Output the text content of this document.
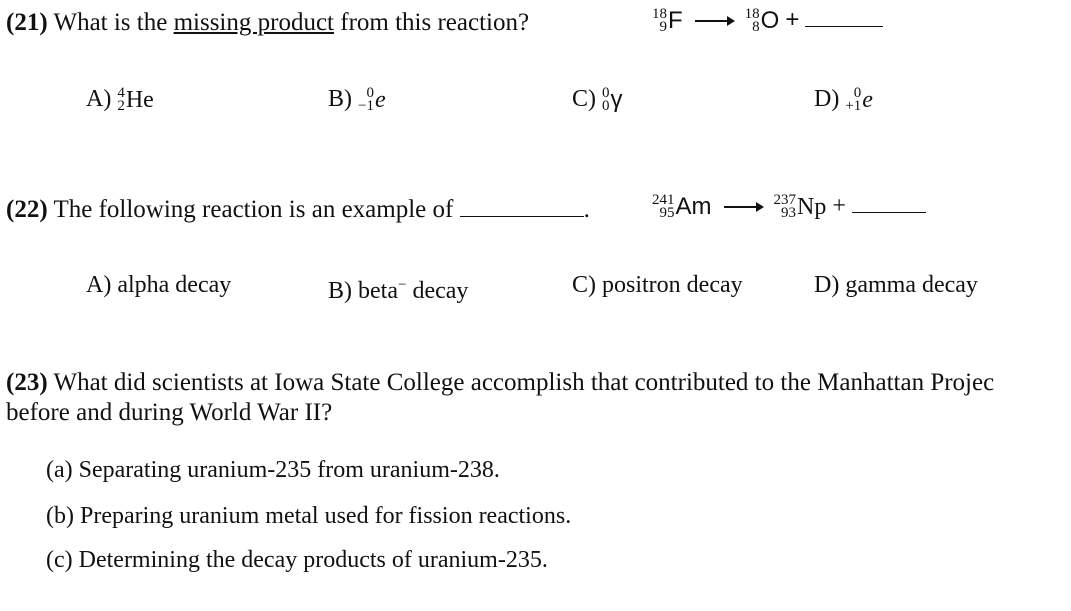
(21) What is the missing product from this reaction?	18
9 F → 18
8 O +
A) 4
2 He	B) 0
−1 e	C) 0
0 γ	D) 0
+1 e
(22) The following reaction is an example of	.	241
95 Am → 237
93 Np +
A) alpha decay	B) beta− decay	C) positron decay	D) gamma decay
(23) What did scientists at Iowa State College accomplish that contributed to the Manhattan Projec
before and during World War II?
(a) Separating uranium-235 from uranium-238.
(b) Preparing uranium metal used for fission reactions.
(c) Determining the decay products of uranium-235.
